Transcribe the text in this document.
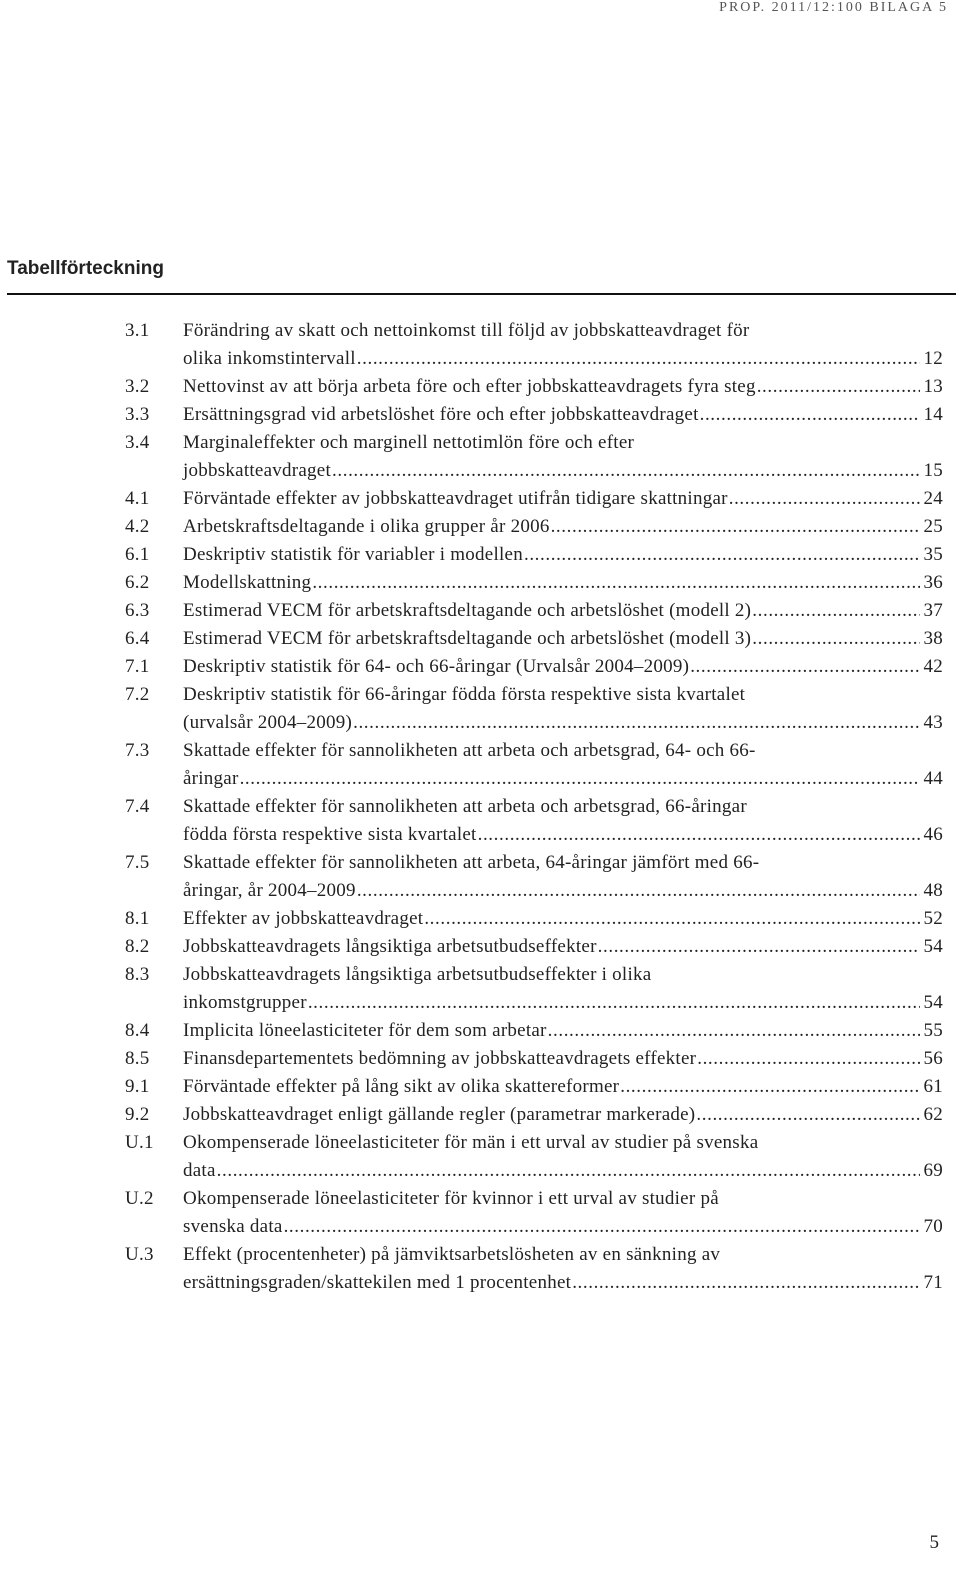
PROP. 2011/12:100 BILAGA 5
Tabellförteckning
3.1	Förändring av skatt och nettoinkomst till följd av jobbskatteavdraget för
olika inkomstintervall .....	12
3.2	Nettovinst av att börja arbeta före och efter jobbskatteavdragets fyra steg .....	13
3.3	Ersättningsgrad vid arbetslöshet före och efter jobbskatteavdraget .....	14
3.4	Marginaleffekter och marginell nettotimlön före och efter
jobbskatteavdraget .....	15
4.1	Förväntade effekter av jobbskatteavdraget utifrån tidigare skattningar .....	24
4.2	Arbetskraftsdeltagande i olika grupper år 2006 .....	25
6.1	Deskriptiv statistik för variabler i modellen .....	35
6.2	Modellskattning .....	36
6.3	Estimerad VECM för arbetskraftsdeltagande och arbetslöshet (modell 2) .....	37
6.4	Estimerad VECM för arbetskraftsdeltagande och arbetslöshet (modell 3) .....	38
7.1	Deskriptiv statistik för 64- och 66-åringar (Urvalsår 2004–2009) .....	42
7.2	Deskriptiv statistik för 66-åringar födda första respektive sista kvartalet
(urvalsår 2004–2009) .....	43
7.3	Skattade effekter för sannolikheten att arbeta och arbetsgrad, 64- och 66-
åringar .....	44
7.4	Skattade effekter för sannolikheten att arbeta och arbetsgrad, 66-åringar
födda första respektive sista kvartalet .....	46
7.5	Skattade effekter för sannolikheten att arbeta, 64-åringar jämfört med 66-
åringar, år 2004–2009 .....	48
8.1	Effekter av jobbskatteavdraget .....	52
8.2	Jobbskatteavdragets långsiktiga arbetsutbudseffekter .....	54
8.3	Jobbskatteavdragets långsiktiga arbetsutbudseffekter i olika
inkomstgrupper .....	54
8.4	Implicita löneelasticiteter för dem som arbetar .....	55
8.5	Finansdepartementets bedömning av jobbskatteavdragets effekter .....	56
9.1	Förväntade effekter på lång sikt av olika skattereformer .....	61
9.2	Jobbskatteavdraget enligt gällande regler (parametrar markerade) .....	62
U.1	Okompenserade löneelasticiteter för män i ett urval av studier på svenska
data .....	69
U.2	Okompenserade löneelasticiteter för kvinnor i ett urval av studier på
svenska data .....	70
U.3	Effekt (procentenheter) på jämviktsarbetslösheten av en sänkning av
ersättningsgraden/skattekilen med 1 procentenhet .....	71
5
